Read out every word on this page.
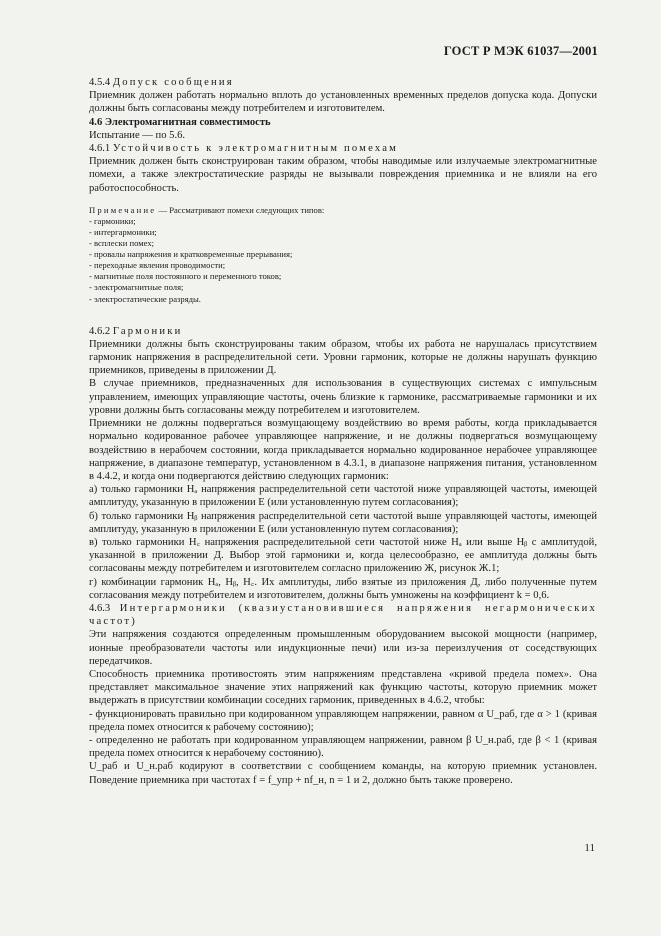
ГОСТ Р МЭК 61037—2001

4.5.4 Допуск сообщения

Приемник должен работать нормально вплоть до установленных временных пределов допуска кода. Допуски должны быть согласованы между потребителем и изготовителем.

4.6 Электромагнитная совместимость

Испытание — по 5.6.

4.6.1 Устойчивость к электромагнитным помехам

Приемник должен быть сконструирован таким образом, чтобы наводимые или излучаемые электромагнитные помехи, а также электростатические разряды не вызывали повреждения приемника и не влияли на его работоспособность.

Примечание — Рассматривают помехи следующих типов:
- гармоники;
- интергармоники;
- всплески помех;
- провалы напряжения и кратковременные прерывания;
- переходные явления проводимости;
- магнитные поля постоянного и переменного токов;
- электромагнитные поля;
- электростатические разряды.

4.6.2 Гармоники

Приемники должны быть сконструированы таким образом, чтобы их работа не нарушалась присутствием гармоник напряжения в распределительной сети. Уровни гармоник, которые не должны нарушать функцию приемников, приведены в приложении Д.

В случае приемников, предназначенных для использования в существующих системах с импульсным управлением, имеющих управляющие частоты, очень близкие к гармонике, рассматриваемые гармоники и их уровни должны быть согласованы между потребителем и изготовителем.

Приемники не должны подвергаться возмущающему воздействию во время работы, когда прикладывается нормально кодированное рабочее управляющее напряжение, и не должны подвергаться возмущающему воздействию в нерабочем состоянии, когда прикладывается нормально кодированное нерабочее управляющее напряжение, в диапазоне температур, установленном в 4.3.1, в диапазоне напряжения питания, установленном в 4.4.2, и когда они подвергаются действию следующих гармоник:

а) только гармоники Hₐ напряжения распределительной сети частотой ниже управляющей частоты, имеющей амплитуду, указанную в приложении Е (или установленную путем согласования);

б) только гармоники Hᵦ напряжения распределительной сети частотой выше управляющей частоты, имеющей амплитуду, указанную в приложении Е (или установленную путем согласования);

в) только гармоники H꜀ напряжения распределительной сети частотой ниже Hₐ или выше Hᵦ с амплитудой, указанной в приложении Д. Выбор этой гармоники и, когда целесообразно, ее амплитуда должны быть согласованы между потребителем и изготовителем согласно приложению Ж, рисунок Ж.1;

г) комбинации гармоник Hₐ, Hᵦ, H꜀. Их амплитуды, либо взятые из приложения Д, либо полученные путем согласования между потребителем и изготовителем, должны быть умножены на коэффициент k = 0,6.

4.6.3 Интергармоники (квазиустановившиеся напряжения негармонических частот)

Эти напряжения создаются определенным промышленным оборудованием высокой мощности (например, ионные преобразователи частоты или индукционные печи) или из-за переизлучения от соседствующих передатчиков.

Способность приемника противостоять этим напряжениям представлена «кривой предела помех». Она представляет максимальное значение этих напряжений как функцию частоты, которую приемник может выдержать в присутствии комбинации соседних гармоник, приведенных в 4.6.2, чтобы:

- функционировать правильно при кодированном управляющем напряжении, равном α U_раб, где α > 1 (кривая предела помех относится к рабочему состоянию);

- определенно не работать при кодированном управляющем напряжении, равном β U_н.раб, где β < 1 (кривая предела помех относится к нерабочему состоянию).

U_раб и U_н.раб кодируют в соответствии с сообщением команды, на которую приемник установлен. Поведение приемника при частотах f = f_упр + nf_н, n = 1 и 2, должно быть также проверено.

11
